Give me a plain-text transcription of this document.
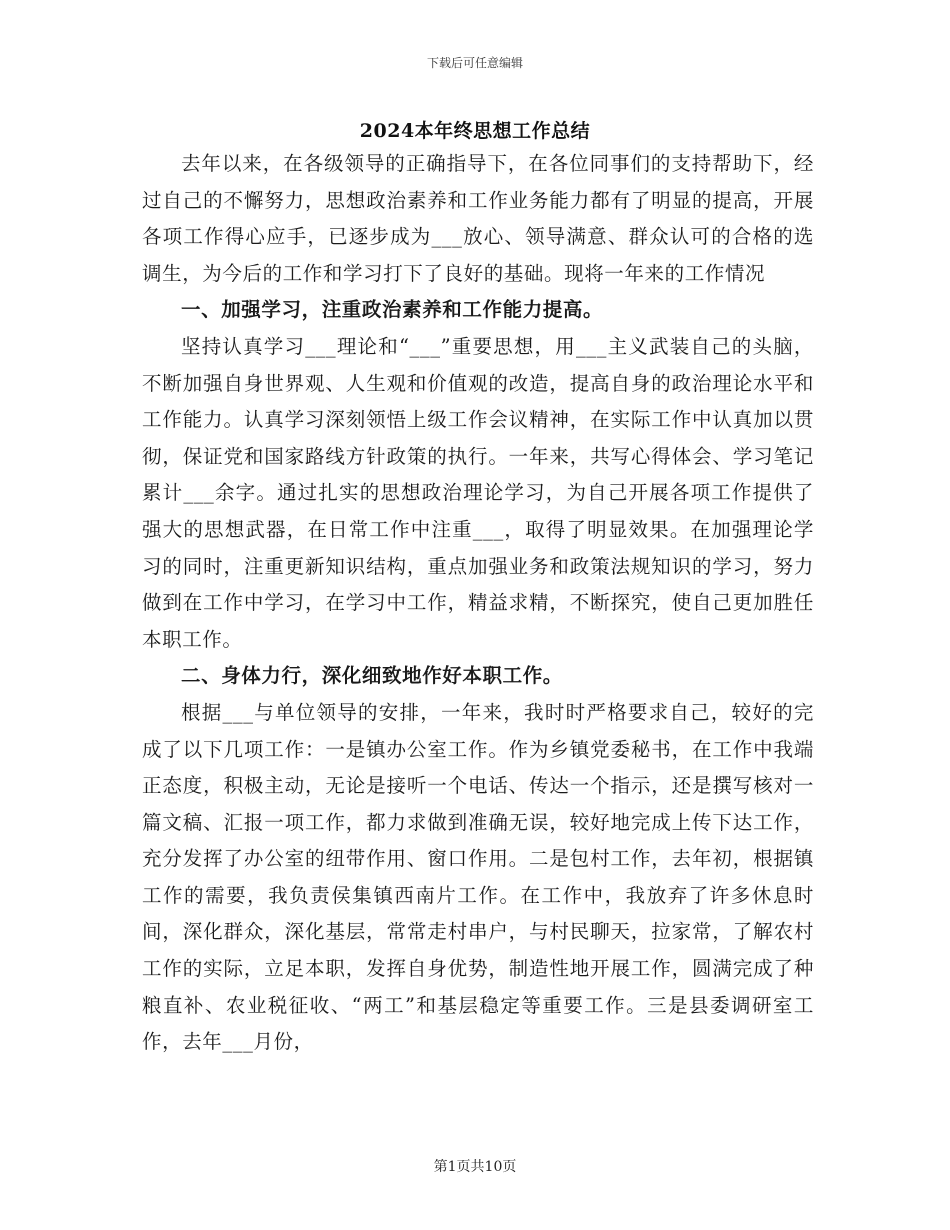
下载后可任意编辑
2024本年终思想工作总结

去年以来，在各级领导的正确指导下，在各位同事们的支持帮助下，经过自己的不懈努力，思想政治素养和工作业务能力都有了明显的提高，开展各项工作得心应手，已逐步成为___放心、领导满意、群众认可的合格的选调生，为今后的工作和学习打下了良好的基础。现将一年来的工作情况

一、加强学习，注重政治素养和工作能力提高。

坚持认真学习___理论和“___”重要思想，用___主义武装自己的头脑，不断加强自身世界观、人生观和价值观的改造，提高自身的政治理论水平和工作能力。认真学习深刻领悟上级工作会议精神，在实际工作中认真加以贯彻，保证党和国家路线方针政策的执行。一年来，共写心得体会、学习笔记累计___余字。通过扎实的思想政治理论学习，为自己开展各项工作提供了强大的思想武器，在日常工作中注重___，取得了明显效果。在加强理论学习的同时，注重更新知识结构，重点加强业务和政策法规知识的学习，努力做到在工作中学习，在学习中工作，精益求精，不断探究，使自己更加胜任本职工作。

二、身体力行，深化细致地作好本职工作。

根据___与单位领导的安排，一年来，我时时严格要求自己，较好的完成了以下几项工作：一是镇办公室工作。作为乡镇党委秘书，在工作中我端正态度，积极主动，无论是接听一个电话、传达一个指示，还是撰写核对一篇文稿、汇报一项工作，都力求做到准确无误，较好地完成上传下达工作，充分发挥了办公室的纽带作用、窗口作用。二是包村工作，去年初，根据镇工作的需要，我负责侯集镇西南片工作。在工作中，我放弃了许多休息时间，深化群众，深化基层，常常走村串户，与村民聊天，拉家常，了解农村工作的实际，立足本职，发挥自身优势，制造性地开展工作，圆满完成了种粮直补、农业税征收、“两工”和基层稳定等重要工作。三是县委调研室工作，去年___月份，

第1页共10页
